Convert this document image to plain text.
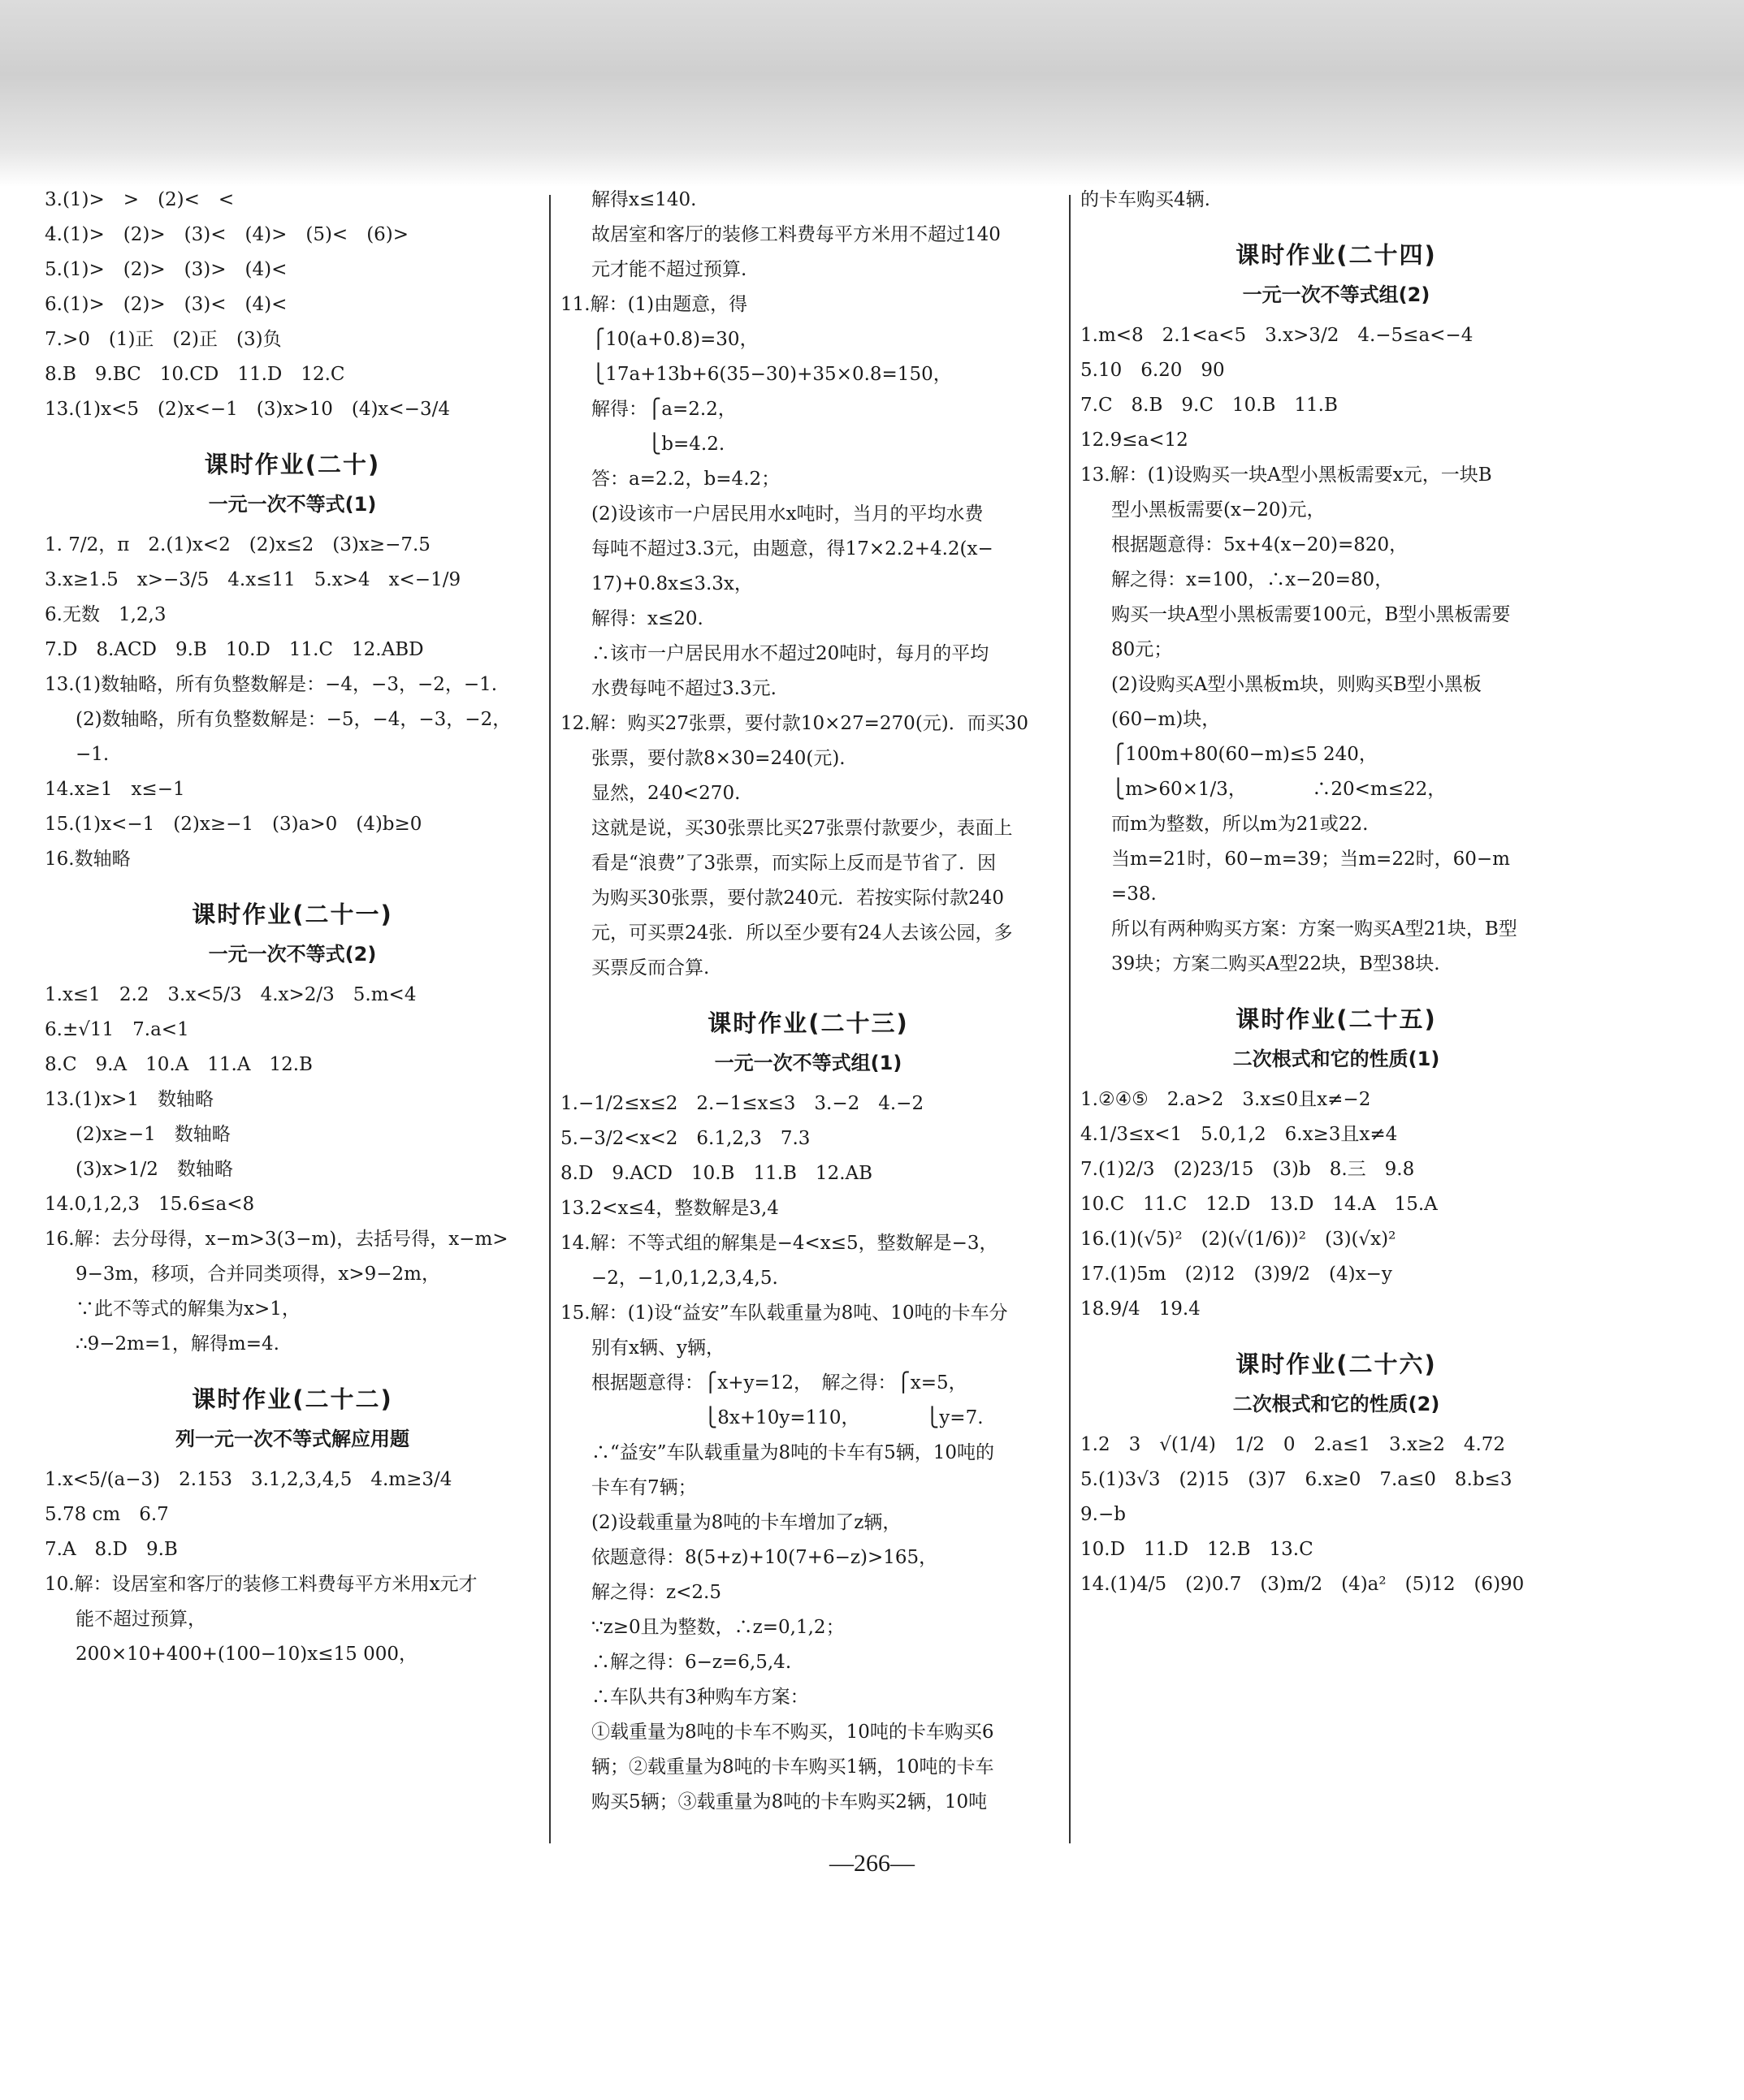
3.(1)>　>　(2)<　<
4.(1)>　(2)>　(3)<　(4)>　(5)<　(6)>
5.(1)>　(2)>　(3)>　(4)<
6.(1)>　(2)>　(3)<　(4)<
7.>0　(1)正　(2)正　(3)负
8.B　9.BC　10.CD　11.D　12.C
13.(1)x<5　(2)x<−1　(3)x>10　(4)x<−3/4
课时作业(二十)
一元一次不等式(1)
1. 7/2，π　2.(1)x<2　(2)x≤2　(3)x≥−7.5
3.x≥1.5　x>−3/5　4.x≤11　5.x>4　x<−1/9
6.无数　1,2,3
7.D　8.ACD　9.B　10.D　11.C　12.ABD
13.(1)数轴略，所有负整数解是：−4，−3，−2，−1.
(2)数轴略，所有负整数解是：−5，−4，−3，−2，
−1.
14.x≥1　x≤−1
15.(1)x<−1　(2)x≥−1　(3)a>0　(4)b≥0
16.数轴略
课时作业(二十一)
一元一次不等式(2)
1.x≤1　2.2　3.x<5/3　4.x>2/3　5.m<4
6.±√11　7.a<1
8.C　9.A　10.A　11.A　12.B
13.(1)x>1　数轴略
(2)x≥−1　数轴略
(3)x>1/2　数轴略
14.0,1,2,3　15.6≤a<8
16.解：去分母得，x−m>3(3−m)，去括号得，x−m>
9−3m，移项，合并同类项得，x>9−2m，
∵此不等式的解集为x>1，
∴9−2m=1，解得m=4.
课时作业(二十二)
列一元一次不等式解应用题
1.x<5/(a−3)　2.153　3.1,2,3,4,5　4.m≥3/4
5.78 cm　6.7
7.A　8.D　9.B
10.解：设居室和客厅的装修工料费每平方米用x元才
能不超过预算，
200×10+400+(100−10)x≤15 000，
解得x≤140.
故居室和客厅的装修工料费每平方米用不超过140
元才能不超过预算.
11.解：(1)由题意，得
⎧10(a+0.8)=30，
⎩17a+13b+6(35−30)+35×0.8=150，
解得：⎧a=2.2，
　　　⎩b=4.2.
答：a=2.2，b=4.2；
(2)设该市一户居民用水x吨时，当月的平均水费
每吨不超过3.3元，由题意，得17×2.2+4.2(x−
17)+0.8x≤3.3x，
解得：x≤20.
∴该市一户居民用水不超过20吨时，每月的平均
水费每吨不超过3.3元.
12.解：购买27张票，要付款10×27=270(元)．而买30
张票，要付款8×30=240(元).
显然，240<270.
这就是说，买30张票比买27张票付款要少，表面上
看是“浪费”了3张票，而实际上反而是节省了．因
为购买30张票，要付款240元．若按实际付款240
元，可买票24张．所以至少要有24人去该公园，多
买票反而合算.
课时作业(二十三)
一元一次不等式组(1)
1.−1/2≤x≤2　2.−1≤x≤3　3.−2　4.−2
5.−3/2<x<2　6.1,2,3　7.3
8.D　9.ACD　10.B　11.B　12.AB
13.2<x≤4，整数解是3,4
14.解：不等式组的解集是−4<x≤5，整数解是−3，
−2，−1,0,1,2,3,4,5.
15.解：(1)设“益安”车队载重量为8吨、10吨的卡车分
别有x辆、y辆，
根据题意得：⎧x+y=12，　解之得：⎧x=5，
　　　　　　⎩8x+10y=110，　　　　⎩y=7.
∴“益安”车队载重量为8吨的卡车有5辆，10吨的
卡车有7辆；
(2)设载重量为8吨的卡车增加了z辆，
依题意得：8(5+z)+10(7+6−z)>165，
解之得：z<2.5
∵z≥0且为整数，∴z=0,1,2；
∴解之得：6−z=6,5,4.
∴车队共有3种购车方案：
①载重量为8吨的卡车不购买，10吨的卡车购买6
辆；②载重量为8吨的卡车购买1辆，10吨的卡车
购买5辆；③载重量为8吨的卡车购买2辆，10吨
的卡车购买4辆.
课时作业(二十四)
一元一次不等式组(2)
1.m<8　2.1<a<5　3.x>3/2　4.−5≤a<−4
5.10　6.20　90
7.C　8.B　9.C　10.B　11.B
12.9≤a<12
13.解：(1)设购买一块A型小黑板需要x元，一块B
型小黑板需要(x−20)元，
根据题意得：5x+4(x−20)=820，
解之得：x=100，∴x−20=80，
购买一块A型小黑板需要100元，B型小黑板需要
80元；
(2)设购买A型小黑板m块，则购买B型小黑板
(60−m)块，
⎧100m+80(60−m)≤5 240，
⎩m>60×1/3，　　　　∴20<m≤22，
而m为整数，所以m为21或22.
当m=21时，60−m=39；当m=22时，60−m
=38.
所以有两种购买方案：方案一购买A型21块，B型
39块；方案二购买A型22块，B型38块.
课时作业(二十五)
二次根式和它的性质(1)
1.②④⑤　2.a>2　3.x≤0且x≠−2
4.1/3≤x<1　5.0,1,2　6.x≥3且x≠4
7.(1)2/3　(2)23/15　(3)b　8.三　9.8
10.C　11.C　12.D　13.D　14.A　15.A
16.(1)(√5)²　(2)(√(1/6))²　(3)(√x)²
17.(1)5m　(2)12　(3)9/2　(4)x−y
18.9/4　19.4
课时作业(二十六)
二次根式和它的性质(2)
1.2　3　√(1/4)　1/2　0　2.a≤1　3.x≥2　4.72
5.(1)3√3　(2)15　(3)7　6.x≥0　7.a≤0　8.b≤3
9.−b
10.D　11.D　12.B　13.C
14.(1)4/5　(2)0.7　(3)m/2　(4)a²　(5)12　(6)90
—266—
